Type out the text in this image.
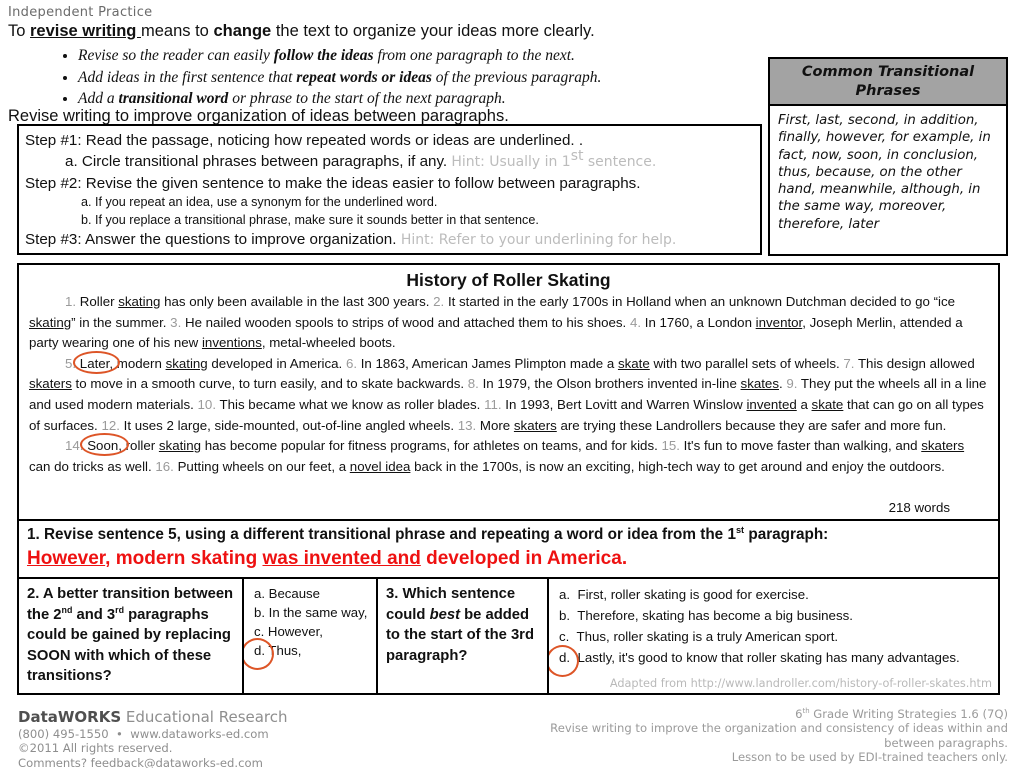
Independent Practice
To revise writing means to change the text to organize your ideas more clearly.
• Revise so the reader can easily follow the ideas from one paragraph to the next.
• Add ideas in the first sentence that repeat words or ideas of the previous paragraph.
• Add a transitional word or phrase to the start of the next paragraph.
Revise writing to improve organization of ideas between paragraphs.
Step #1: Read the passage, noticing how repeated words or ideas are underlined. .
a. Circle transitional phrases between paragraphs, if any. Hint: Usually in 1st sentence.
Step #2: Revise the given sentence to make the ideas easier to follow between paragraphs.
a. If you repeat an idea, use a synonym for the underlined word.
b. If you replace a transitional phrase, make sure it sounds better in that sentence.
Step #3: Answer the questions to improve organization. Hint: Refer to your underlining for help.
Common Transitional Phrases
First, last, second, in addition, finally, however, for example, in fact, now, soon, in conclusion, thus, because, on the other hand, meanwhile, although, in the same way, moreover, therefore, later
History of Roller Skating
1. Roller skating has only been available in the last 300 years. 2. It started in the early 1700s in Holland when an unknown Dutchman decided to go “ice skating” in the summer. 3. He nailed wooden spools to strips of wood and attached them to his shoes. 4. In 1760, a London inventor, Joseph Merlin, attended a party wearing one of his new inventions, metal-wheeled boots.
5. Later, modern skating developed in America. 6. In 1863, American James Plimpton made a skate with two parallel sets of wheels. 7. This design allowed skaters to move in a smooth curve, to turn easily, and to skate backwards. 8. In 1979, the Olson brothers invented in-line skates. 9. They put the wheels all in a line and used modern materials. 10. This became what we know as roller blades. 11. In 1993, Bert Lovitt and Warren Winslow invented a skate that can go on all types of surfaces. 12. It uses 2 large, side-mounted, out-of-line angled wheels. 13. More skaters are trying these Landrollers because they are safer and more fun.
14. Soon, roller skating has become popular for fitness programs, for athletes on teams, and for kids. 15. It's fun to move faster than walking, and skaters can do tricks as well. 16. Putting wheels on our feet, a novel idea back in the 1700s, is now an exciting, high-tech way to get around and enjoy the outdoors.
218 words
1. Revise sentence 5, using a different transitional phrase and repeating a word or idea from the 1st paragraph:
However, modern skating was invented and developed in America.
2. A better transition between the 2nd and 3rd paragraphs could be gained by replacing SOON with which of these transitions?
a. Because
b. In the same way,
c. However,
d. Thus,
3. Which sentence could best be added to the start of the 3rd paragraph?
a.  First, roller skating is good for exercise.
b.  Therefore, skating has become a big business.
c.  Thus, roller skating is a truly American sport.
d.  Lastly, it's good to know that roller skating has many advantages.
Adapted from http://www.landroller.com/history-of-roller-skates.htm
DataWORKS Educational Research
(800) 495-1550  •  www.dataworks-ed.com
©2011 All rights reserved.
Comments? feedback@dataworks-ed.com
6th Grade Writing Strategies 1.6 (7Q)
Revise writing to improve the organization and consistency of ideas within and between paragraphs.
Lesson to be used by EDI-trained teachers only.
